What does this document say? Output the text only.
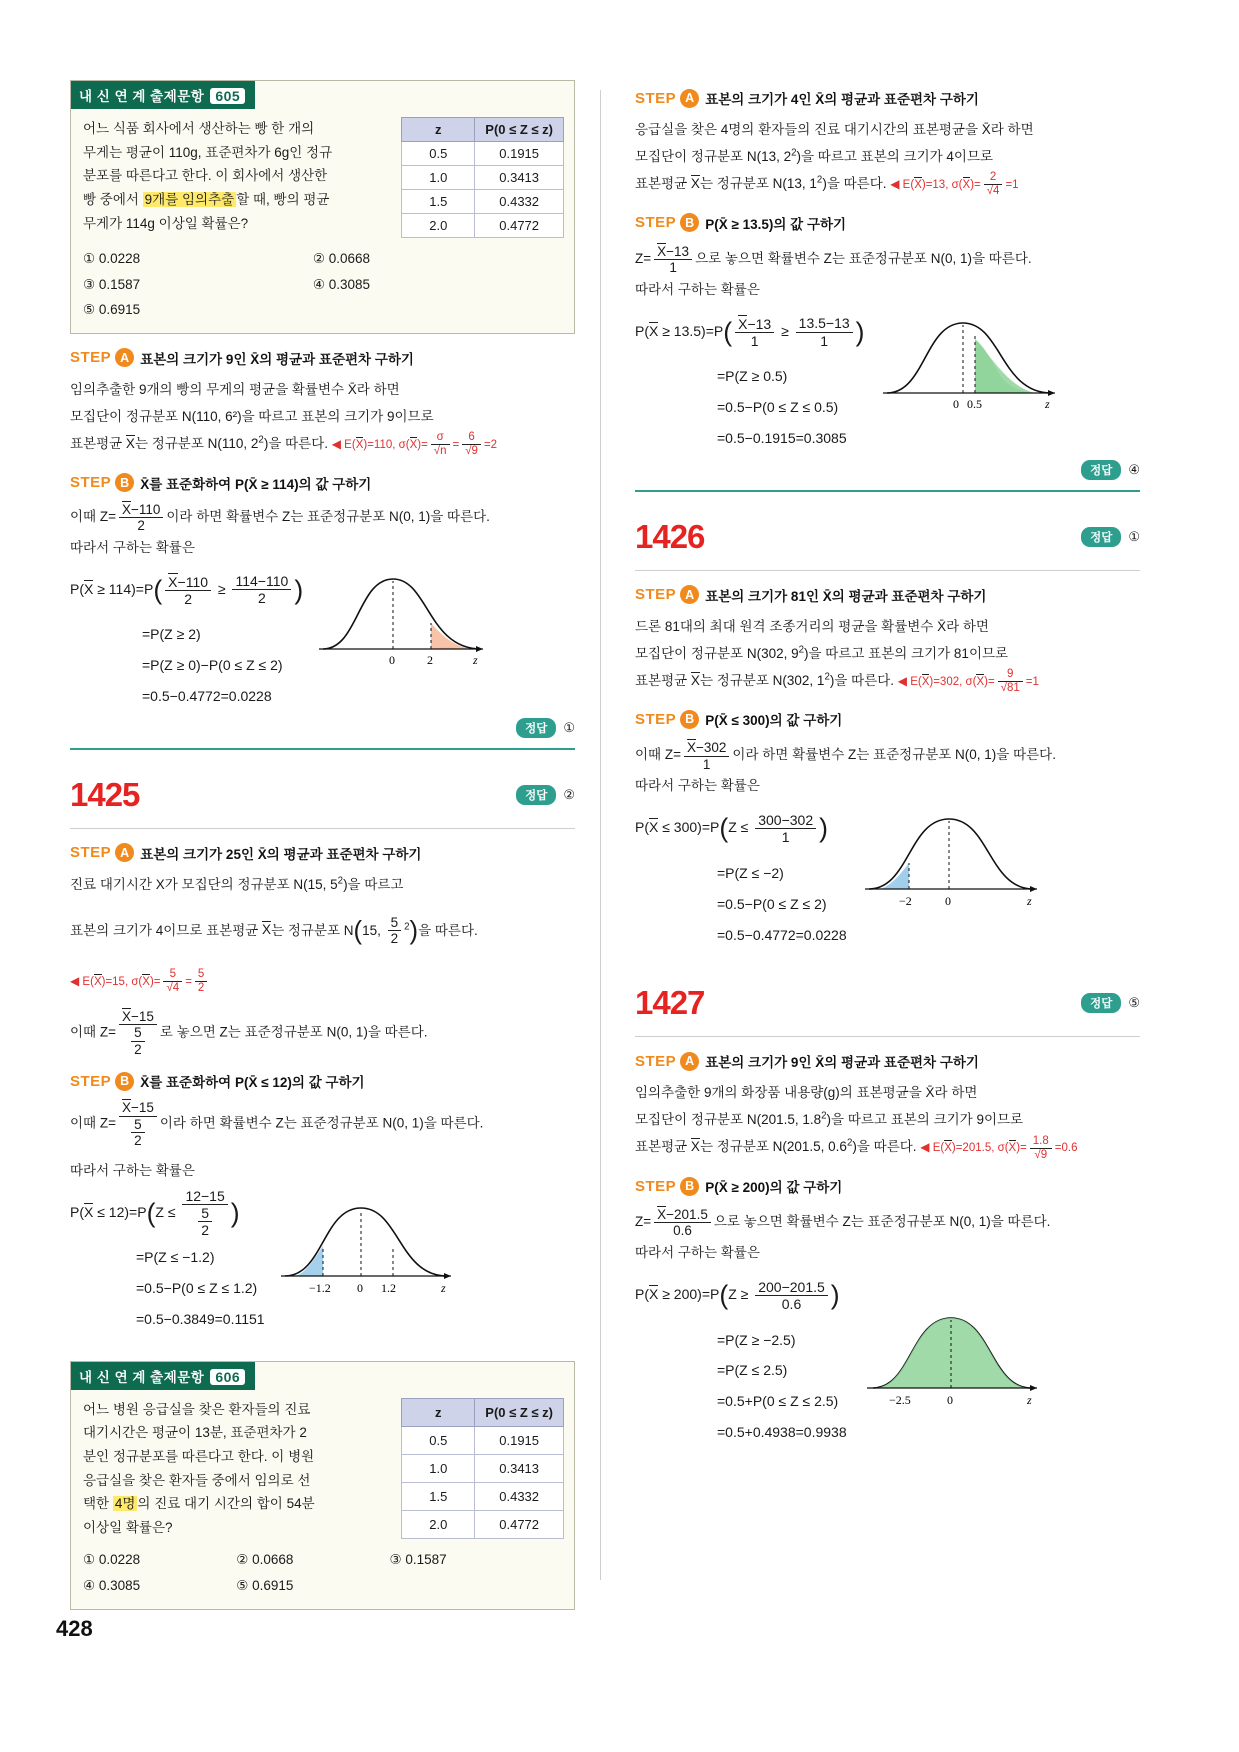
내 신 연 계 출제문항 605
어느 식품 회사에서 생산하는 빵 한 개의
무게는 평균이 110g, 표준편차가 6g인 정규
분포를 따른다고 한다. 이 회사에서 생산한
빵 중에서 9개를 임의추출 할 때, 빵의 평균
무게가 114g 이상일 확률은?
z	P(0 ≤ Z ≤ z)
0.5	0.1915
1.0	0.3413
1.5	0.4332
2.0	0.4772
① 0.0228	② 0.0668
③ 0.1587	④ 0.3085
⑤ 0.6915
STEP A 표본의 크기가 9인 X̄의 평균과 표준편차 구하기
임의추출한 9개의 빵의 무게의 평균을 확률변수 X̄라 하면
모집단이 정규분포 N(110, 6²)을 따르고 표본의 크기가 9이므로
표본평균 X는 정규분포 N(110, $2^2$)을 따른다. ◀ E(X)=110, $\sigma(X)= \frac{\sigma}{√n} = \frac{6}{√9} =2$
STEP B X̄를 표준화하여 P(X̄ ≥ 114)의 값 구하기
이때 $Z= \frac{X-110}{2}$ 이라 하면 확률변수 Z는 표준정규분포 N(0, 1)을 따른다.
따라서 구하는 확률은
$P(X \ge 114)=P( \frac{X-110}{2} \ge \frac{114-110}{2}$ )
=P(Z ≥ 2)
=P(Z ≥ 0)−P(0 ≤ Z ≤ 2)
=0.5−0.4772=0.0228
0	2	z
정답	①
1425	정답	②
STEP A 표본의 크기가 25인 X̄의 평균과 표준편차 구하기
진료 대기시간 X가 모집단의 정규분포 N(15, $5^2$)을 따르고
표본의 크기가 4이므로 표본평균 X는 정규분포 N(15, $\frac{5}{2} ^2$)을 따른다.
◀ E(X)=15, $\sigma(X)= \frac{5}{√4} = \frac{5}{2}$
이때 $Z= \frac{X-15}{\frac{5}{2}}$ 로 놓으면 Z는 표준정규분포 N(0, 1)을 따른다.
STEP B X̄를 표준화하여 P(X̄ ≤ 12)의 값 구하기
이때 $Z= \frac{X-15}{\frac{5}{2}}$ 이라 하면 확률변수 Z는 표준정규분포 N(0, 1)을 따른다.
따라서 구하는 확률은
$P(X \le 12)=P(Z \le \frac{12-15}{\frac{5}{2}}$ )
=P(Z ≤ −1.2)
=0.5−P(0 ≤ Z ≤ 1.2)
=0.5−0.3849=0.1151
−1.2 0 1.2	z
내 신 연 계 출제문항 606
어느 병원 응급실을 찾은 환자들의 진료
대기시간은 평균이 13분, 표준편차가 2
분인 정규분포를 따른다고 한다. 이 병원
응급실을 찾은 환자들 중에서 임의로 선
택한 4명 의 진료 대기 시간의 합이 54분
이상일 확률은?
z	P(0 ≤ Z ≤ z)
0.5	0.1915
1.0	0.3413
1.5	0.4332
2.0	0.4772
① 0.0228	② 0.0668	③ 0.1587
④ 0.3085	⑤ 0.6915
STEP A 표본의 크기가 4인 X̄의 평균과 표준편차 구하기
응급실을 찾은 4명의 환자들의 진료 대기시간의 표본평균을 X̄라 하면
모집단이 정규분포 N(13, $2^2$)을 따르고 표본의 크기가 4이므로
표본평균 X는 정규분포 N(13, $1^2$)을 따른다. ◀ E(X)=13, $\sigma(X)= \frac{2}{√4} =1$
STEP B P(X̄ ≥ 13.5)의 값 구하기
$Z= \frac{X-13}{1}$ 으로 놓으면 확률변수 Z는 표준정규분포 N(0, 1)을 따른다.
따라서 구하는 확률은
$P(X \ge 13.5)=P( \frac{X-13}{1} \ge \frac{13.5-13}{1}$ )
=P(Z ≥ 0.5)
=0.5−P(0 ≤ Z ≤ 0.5)
=0.5−0.1915=0.3085
0 0.5	z
정답	④
1426	정답	①
STEP A 표본의 크기가 81인 X̄의 평균과 표준편차 구하기
드론 81대의 최대 원격 조종거리의 평균을 확률변수 X̄라 하면
모집단이 정규분포 N(302, $9^2$)을 따르고 표본의 크기가 81이므로
표본평균 X는 정규분포 N(302, $1^2$)을 따른다. ◀ E(X)=302, $\sigma(X)= \frac{9}{√81} =1$
STEP B P(X̄ ≤ 300)의 값 구하기
이때 $Z= \frac{X-302}{1}$ 이라 하면 확률변수 Z는 표준정규분포 N(0, 1)을 따른다.
따라서 구하는 확률은
$P(X \le 300)=P(Z \le \frac{300-302}{1}$ )
=P(Z ≤ −2)
=0.5−P(0 ≤ Z ≤ 2)
=0.5−0.4772=0.0228
−2	0	z
1427	정답	⑤
STEP A 표본의 크기가 9인 X̄의 평균과 표준편차 구하기
임의추출한 9개의 화장품 내용량(g)의 표본평균을 X̄라 하면
모집단이 정규분포 N(201.5, $1.8^2$)을 따르고 표본의 크기가 9이므로
표본평균 X는 정규분포 N(201.5, $0.6^2$)을 따른다. ◀ E(X)=201.5, $\sigma(X)= \frac{1.8}{√9} =0.6$
STEP B P(X̄ ≥ 200)의 값 구하기
$Z= \frac{X-201.5}{0.6}$ 으로 놓으면 확률변수 Z는 표준정규분포 N(0, 1)을 따른다.
따라서 구하는 확률은
$P(X \ge 200)=P(Z \ge \frac{200-201.5}{0.6}$ )
=P(Z ≥ −2.5)
=P(Z ≤ 2.5)
=0.5+P(0 ≤ Z ≤ 2.5)
=0.5+0.4938=0.9938
−2.5	0	z
428
